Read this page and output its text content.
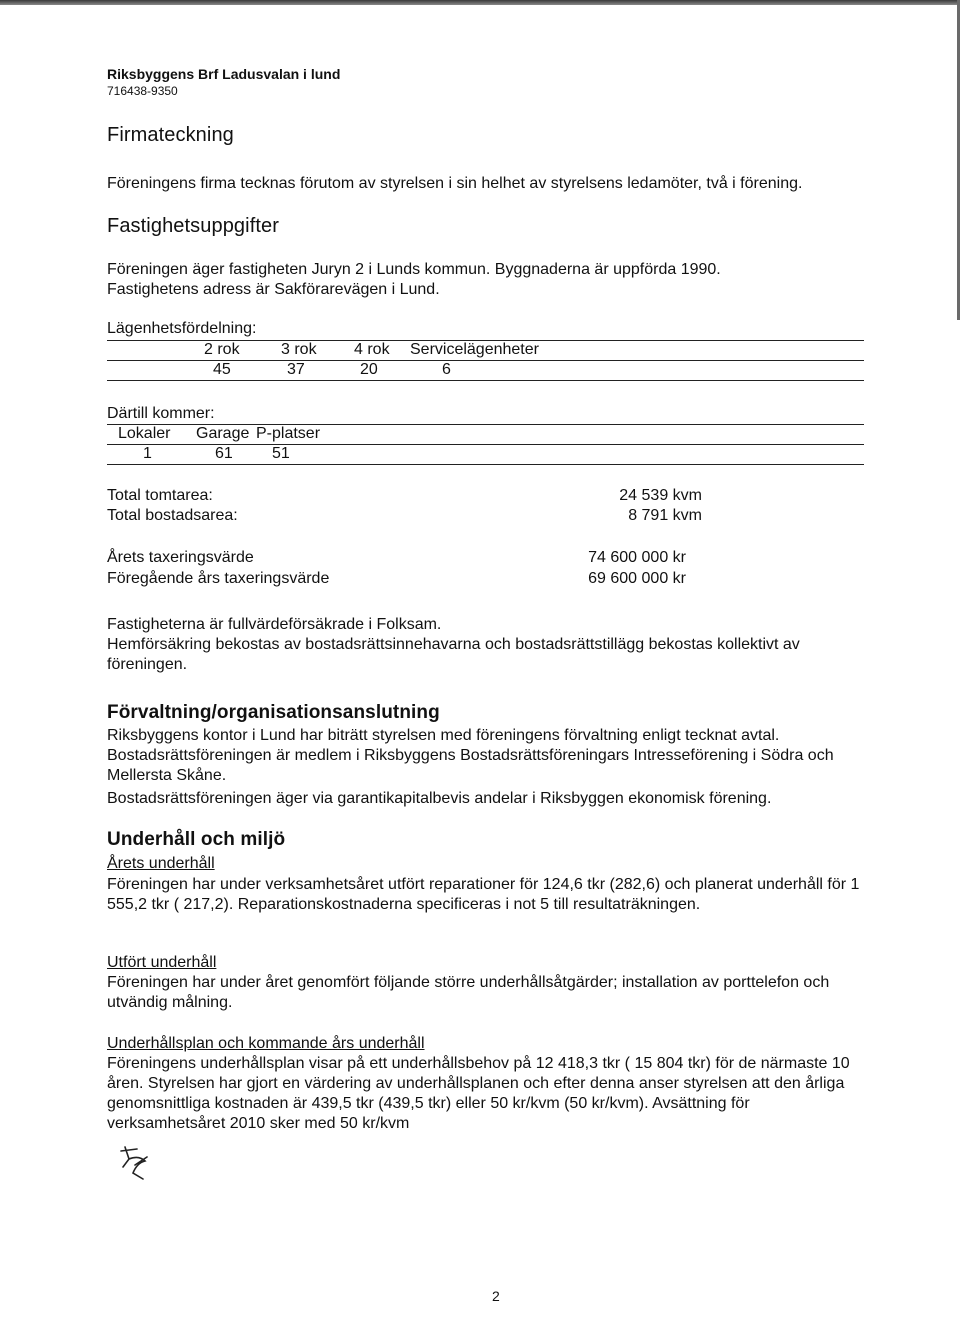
Riksbyggens Brf Ladusvalan i lund
716438-9350
Firmateckning
Föreningens firma tecknas förutom av styrelsen i sin helhet av styrelsens ledamöter, två i förening.
Fastighetsuppgifter
Föreningen äger fastigheten Juryn 2 i Lunds kommun. Byggnaderna är uppförda 1990.
Fastighetens adress är Sakförarevägen i Lund.
Lägenhetsfördelning:
2 rok	3 rok 4 rok Servicelägenheter
45	37	20	6
Därtill kommer:
Lokaler Garage P-platser
1	61 51
Total tomtarea:	24 539 kvm
Total bostadsarea:	8 791 kvm
Årets taxeringsvärde	74 600 000 kr
Föregående års taxeringsvärde	69 600 000 kr
Fastigheterna är fullvärdeförsäkrade i Folksam.
Hemförsäkring bekostas av bostadsrättsinnehavarna och bostadsrättstillägg bekostas kollektivt av föreningen.
Förvaltning/organisationsanslutning
Riksbyggens kontor i Lund har biträtt styrelsen med föreningens förvaltning enligt tecknat avtal.
Bostadsrättsföreningen är medlem i Riksbyggens Bostadsrättsföreningars Intresseförening i Södra och Mellersta Skåne.
Bostadsrättsföreningen äger via garantikapitalbevis andelar i Riksbyggen ekonomisk förening.
Underhåll och miljö
Årets underhåll
Föreningen har under verksamhetsåret utfört reparationer för 124,6 tkr (282,6) och planerat underhåll för 1 555,2 tkr ( 217,2). Reparationskostnaderna specificeras i not 5 till resultaträkningen.
Utfört underhåll
Föreningen har under året genomfört följande större underhållsåtgärder; installation av porttelefon och utvändig målning.
Underhållsplan och kommande års underhåll
Föreningens underhållsplan visar på ett underhållsbehov på 12 418,3 tkr ( 15 804 tkr) för de närmaste 10 åren. Styrelsen har gjort en värdering av underhållsplanen och efter denna anser styrelsen att den årliga genomsnittliga kostnaden är 439,5 tkr (439,5 tkr) eller 50 kr/kvm (50 kr/kvm). Avsättning för verksamhetsåret 2010 sker med 50 kr/kvm
2
